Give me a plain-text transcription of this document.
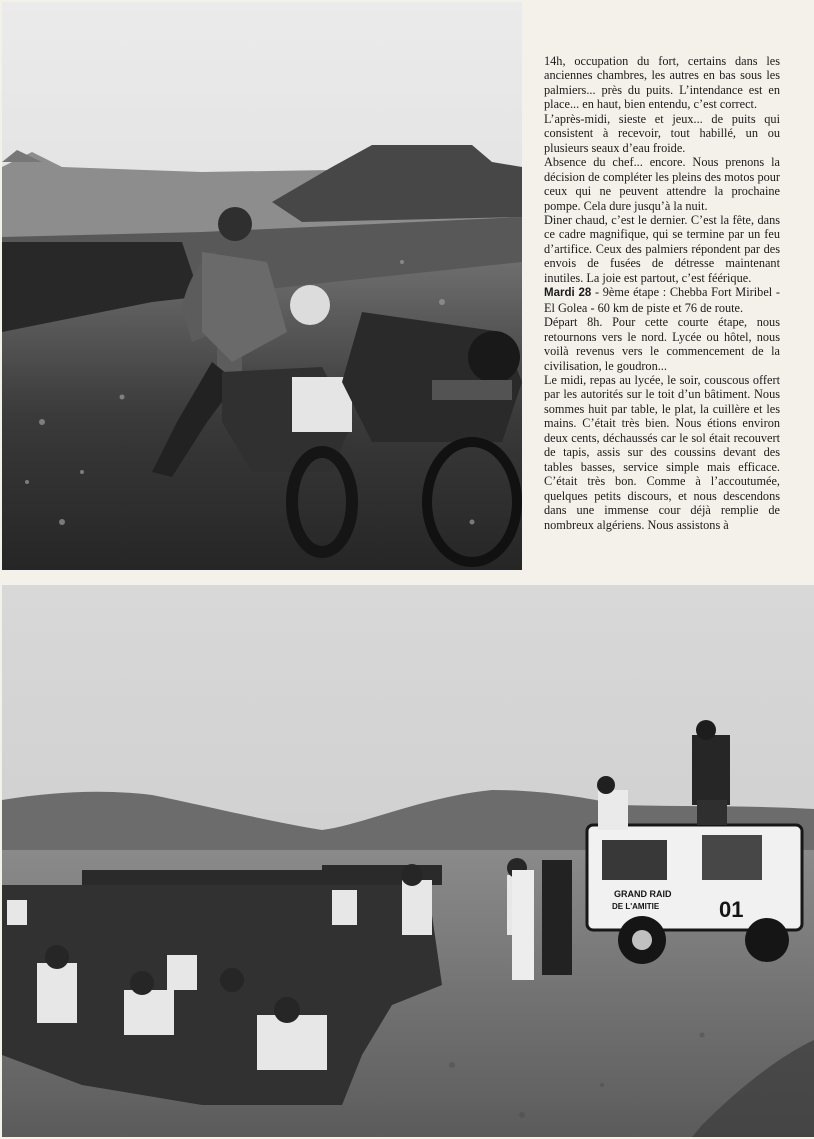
14h, occupation du fort, certains dans les anciennes chambres, les autres en bas sous les palmiers... près du puits. L’intendance est en place... en haut, bien entendu, c’est correct.

L’après-midi, sieste et jeux... de puits qui consistent à recevoir, tout habillé, un ou plusieurs seaux d’eau froide.

Absence du chef... encore. Nous prenons la décision de compléter les pleins des motos pour ceux qui ne peuvent attendre la prochaine pompe. Cela dure jusqu’à la nuit.

Diner chaud, c’est le dernier. C’est la fête, dans ce cadre magnifique, qui se termine par un feu d’artifice. Ceux des palmiers répondent par des envois de fusées de détresse maintenant inutiles. La joie est partout, c’est féérique.

Mardi 28 - 9ème étape : Chebba Fort Miribel - El Golea - 60 km de piste et 76 de route.

Départ 8h. Pour cette courte étape, nous retournons vers le nord. Lycée ou hôtel, nous voilà revenus vers le commencement de la civilisation, le goudron...

Le midi, repas au lycée, le soir, couscous offert par les autorités sur le toit d’un bâtiment. Nous sommes huit par table, le plat, la cuillère et les mains. C’était très bien. Nous étions environ deux cents, déchaussés car le sol était recouvert de tapis, assis sur des coussins devant des tables basses, service simple mais efficace. C’était très bon. Comme à l’accoutumée, quelques petits discours, et nous descendons dans une immense cour déjà remplie de nombreux algériens. Nous assistons à

GRAND RAID
DE L'AMITIE	01
